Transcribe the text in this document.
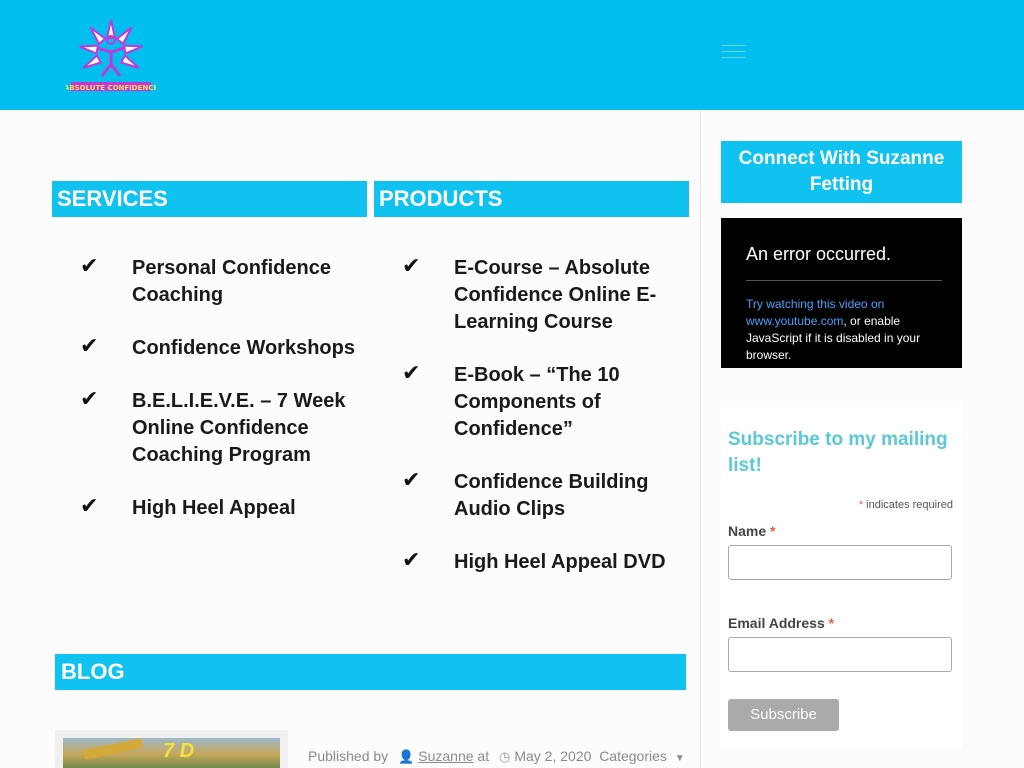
ABSOLUTE CONFIDENCE
SERVICES	PRODUCTS
✔ Personal Confidence Coaching
✔ Confidence Workshops
✔ B.E.L.I.E.V.E. – 7 Week Online Confidence Coaching Program
✔ High Heel Appeal
✔ E-Course – Absolute Confidence Online E-Learning Course
✔ E-Book – “The 10 Components of Confidence”
✔ Confidence Building Audio Clips
✔ High Heel Appeal DVD
BLOG
7 D	Published by 👤 Suzanne at ◷ May 2, 2020 Categories ▼
Connect With Suzanne Fetting
An error occurred.
Try watching this video on www.youtube.com, or enable JavaScript if it is disabled in your browser.
Subscribe to my mailing list!
* indicates required
Name *
Email Address *
Subscribe
